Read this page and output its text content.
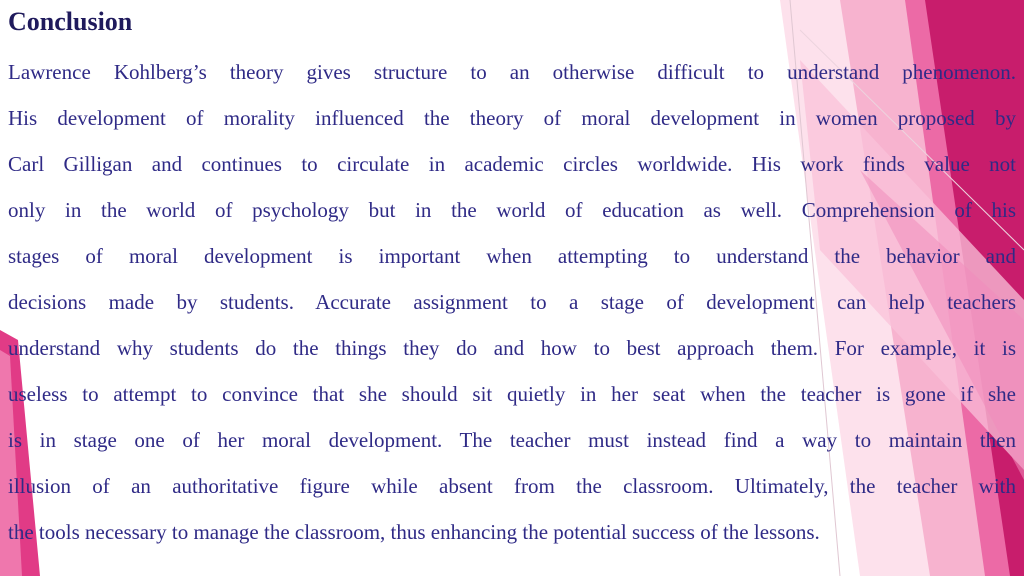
Conclusion
Lawrence Kohlberg’s theory gives structure to an otherwise difficult to understand phenomenon.
His development of morality influenced the theory of moral development in women proposed by
Carl Gilligan and continues to circulate in academic circles worldwide. His work finds value not
only in the world of psychology but in the world of education as well. Comprehension of his
stages of moral development is important when attempting to understand the behavior and
decisions made by students. Accurate assignment to a stage of development can help teachers
understand why students do the things they do and how to best approach them. For example, it is
useless to attempt to convince that she should sit quietly in her seat when the teacher is gone if she
is in stage one of her moral development. The teacher must instead find a way to maintain then
illusion of an authoritative figure while absent from the classroom. Ultimately, the teacher with
the tools necessary to manage the classroom, thus enhancing the potential success of the lessons.
